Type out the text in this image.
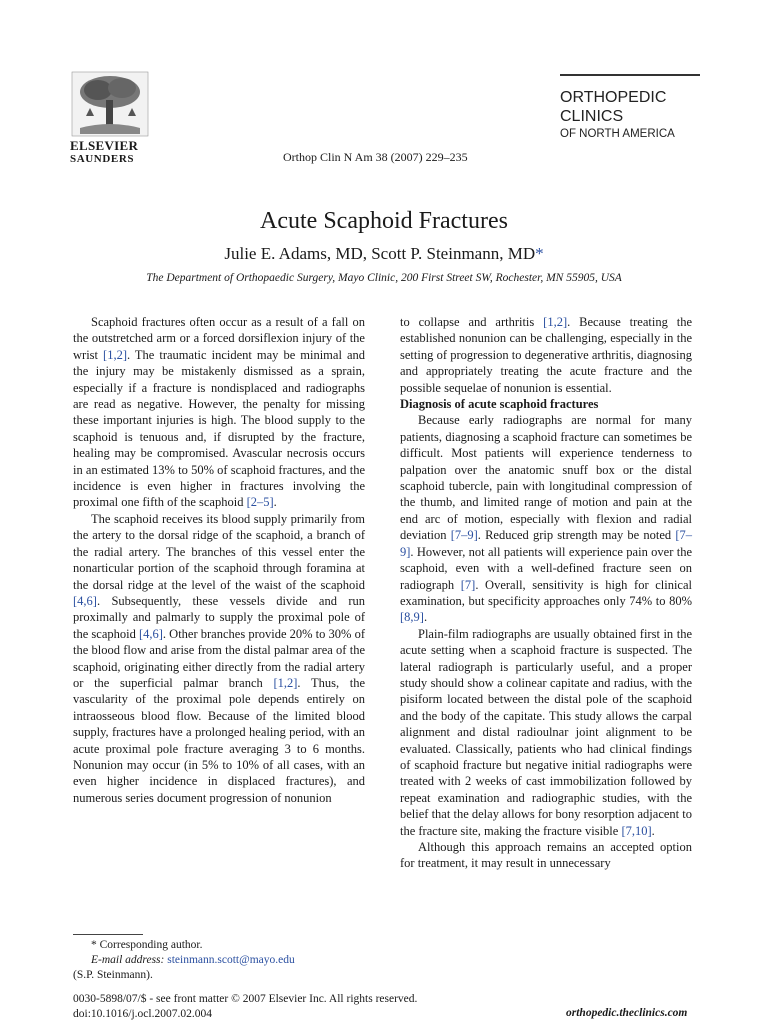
ELSEVIER
SAUNDERS	Orthop Clin N Am 38 (2007) 229–235
ORTHOPEDIC
CLINICS
OF NORTH AMERICA
Acute Scaphoid Fractures
Julie E. Adams, MD, Scott P. Steinmann, MD*
The Department of Orthopaedic Surgery, Mayo Clinic, 200 First Street SW, Rochester, MN 55905, USA

Scaphoid fractures often occur as a result of a fall on the outstretched arm or a forced dorsiflexion injury of the wrist [1,2]. The traumatic incident may be minimal and the injury may be mistakenly dismissed as a sprain, especially if a fracture is nondisplaced and radiographs are read as negative. However, the penalty for missing these important injuries is high. The blood supply to the scaphoid is tenuous and, if disrupted by the fracture, healing may be compromised. Avascular necrosis occurs in an estimated 13% to 50% of scaphoid fractures, and the incidence is even higher in fractures involving the proximal one fifth of the scaphoid [2–5].

The scaphoid receives its blood supply primarily from the artery to the dorsal ridge of the scaphoid, a branch of the radial artery. The branches of this vessel enter the nonarticular portion of the scaphoid through foramina at the dorsal ridge at the level of the waist of the scaphoid [4,6]. Subsequently, these vessels divide and run proximally and palmarly to supply the proximal pole of the scaphoid [4,6]. Other branches provide 20% to 30% of the blood flow and arise from the distal palmar area of the scaphoid, originating either directly from the radial artery or the superficial palmar branch [1,2]. Thus, the vascularity of the proximal pole depends entirely on intraosseous blood flow. Because of the limited blood supply, fractures have a prolonged healing period, with an acute proximal pole fracture averaging 3 to 6 months. Nonunion may occur (in 5% to 10% of all cases, with an even higher incidence in displaced fractures), and numerous series document progression of nonunion

to collapse and arthritis [1,2]. Because treating the established nonunion can be challenging, especially in the setting of progression to degenerative arthritis, diagnosing and appropriately treating the acute fracture and the possible sequelae of nonunion is essential.

Diagnosis of acute scaphoid fractures

Because early radiographs are normal for many patients, diagnosing a scaphoid fracture can sometimes be difficult. Most patients will experience tenderness to palpation over the anatomic snuff box or the distal scaphoid tubercle, pain with longitudinal compression of the thumb, and limited range of motion and pain at the end arc of motion, especially with flexion and radial deviation [7–9]. Reduced grip strength may be noted [7–9]. However, not all patients will experience pain over the scaphoid, even with a well-defined fracture seen on radiograph [7]. Overall, sensitivity is high for clinical examination, but specificity approaches only 74% to 80% [8,9].

Plain-film radiographs are usually obtained first in the acute setting when a scaphoid fracture is suspected. The lateral radiograph is particularly useful, and a proper study should show a colinear capitate and radius, with the pisiform located between the distal pole of the scaphoid and the body of the capitate. This study allows the carpal alignment and distal radioulnar joint alignment to be evaluated. Classically, patients who had clinical findings of scaphoid fracture but negative initial radiographs were treated with 2 weeks of cast immobilization followed by repeat examination and radiographic studies, with the belief that the delay allows for bony resorption adjacent to the fracture site, making the fracture visible [7,10].

Although this approach remains an accepted option for treatment, it may result in unnecessary

* Corresponding author.
E-mail address: steinmann.scott@mayo.edu
(S.P. Steinmann).
0030-5898/07/$ - see front matter © 2007 Elsevier Inc. All rights reserved.
doi:10.1016/j.ocl.2007.02.004	orthopedic.theclinics.com
